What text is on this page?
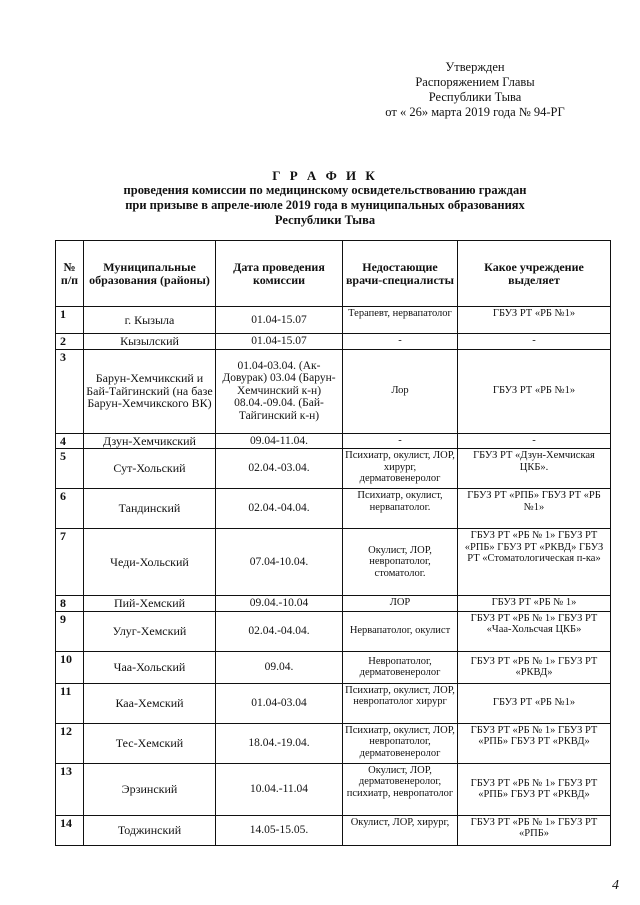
Утвержден
Распоряжением Главы
Республики Тыва
от « 26» марта 2019 года № 94-РГ
Г Р А Ф И К
проведения комиссии по медицинскому освидетельствованию граждан
при призыве в апреле-июле 2019 года в муниципальных образованиях
Республики Тыва
№ п/п	Муниципальные образования (районы)	Дата проведения комиссии	Недостающие врачи-специалисты	Какое учреждение выделяет
1	г. Кызыла	01.04-15.07	Терапевт, нервапатолог	ГБУЗ РТ «РБ №1»
2	Кызылский	01.04-15.07	-	-
3	Барун-Хемчикский и Бай-Тайгинский (на базе Барун-Хемчикского ВК)	01.04-03.04. (Ак-Довурак) 03.04 (Барун-Хемчинский к-н) 08.04.-09.04. (Бай-Тайгинский к-н)	Лор	ГБУЗ РТ «РБ №1»
4	Дзун-Хемчикский	09.04-11.04.	-	-
5	Сут-Хольский	02.04.-03.04.	Психиатр, окулист, ЛОР, хирург, дерматовенеролог	ГБУЗ РТ «Дзун-Хемчиская ЦКБ».
6	Тандинский	02.04.-04.04.	Психиатр, окулист, нервапатолог.	ГБУЗ РТ «РПБ» ГБУЗ РТ «РБ №1»
7	Чеди-Хольский	07.04-10.04.	Окулист, ЛОР, невропатолог, стоматолог.	ГБУЗ РТ «РБ № 1» ГБУЗ РТ «РПБ» ГБУЗ РТ «РКВД» ГБУЗ РТ «Стоматологическая п-ка»
8	Пий-Хемский	09.04.-10.04	ЛОР	ГБУЗ РТ «РБ № 1»
9	Улуг-Хемский	02.04.-04.04.	Нервапатолог, окулист	ГБУЗ РТ «РБ № 1» ГБУЗ РТ «Чаа-Хольсчая ЦКБ»
10	Чаа-Хольский	09.04.	Невропатолог, дерматовенеролог	ГБУЗ РТ «РБ № 1» ГБУЗ РТ «РКВД»
11	Каа-Хемский	01.04-03.04	Психиатр, окулист, ЛОР, невропатолог хирург	ГБУЗ РТ «РБ №1»
12	Тес-Хемский	18.04.-19.04.	Психиатр, окулист, ЛОР, невропатолог, дерматовенеролог	ГБУЗ РТ «РБ № 1» ГБУЗ РТ «РПБ» ГБУЗ РТ «РКВД»
13	Эрзинский	10.04.-11.04	Окулист, ЛОР, дерматовенеролог, психиатр, невропатолог	ГБУЗ РТ «РБ № 1» ГБУЗ РТ «РПБ» ГБУЗ РТ «РКВД»
14	Тоджинский	14.05-15.05.	Окулист, ЛОР, хирург,	ГБУЗ РТ «РБ № 1» ГБУЗ РТ «РПБ»
4
